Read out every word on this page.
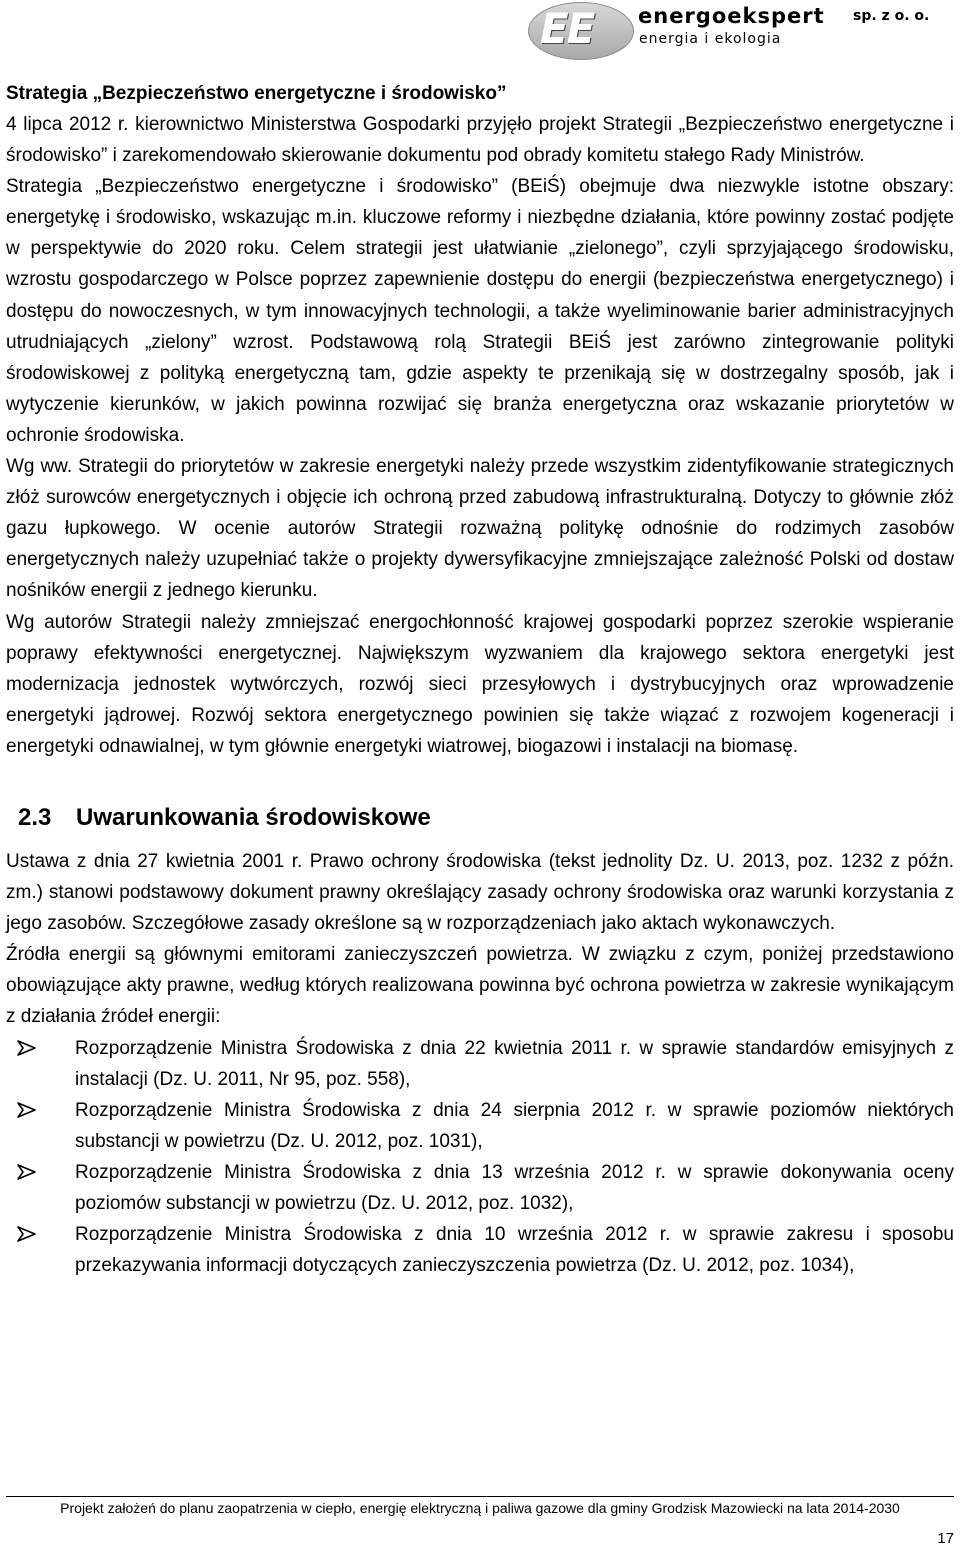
EE energoekspert sp. z o. o.
energia i ekologia

Strategia „Bezpieczeństwo energetyczne i środowisko”

4 lipca 2012 r. kierownictwo Ministerstwa Gospodarki przyjęło projekt Strategii „Bezpieczeństwo energetyczne i środowisko” i zarekomendowało skierowanie dokumentu pod obrady komitetu stałego Rady Ministrów.

Strategia „Bezpieczeństwo energetyczne i środowisko” (BEiŚ) obejmuje dwa niezwykle istotne obszary: energetykę i środowisko, wskazując m.in. kluczowe reformy i niezbędne działania, które powinny zostać podjęte w perspektywie do 2020 roku. Celem strategii jest ułatwianie „zielonego”, czyli sprzyjającego środowisku, wzrostu gospodarczego w Polsce poprzez zapewnienie dostępu do energii (bezpieczeństwa energetycznego) i dostępu do nowoczesnych, w tym innowacyjnych technologii, a także wyeliminowanie barier administracyjnych utrudniających „zielony” wzrost. Podstawową rolą Strategii BEiŚ jest zarówno zintegrowanie polityki środowiskowej z polityką energetyczną tam, gdzie aspekty te przenikają się w dostrzegalny sposób, jak i wytyczenie kierunków, w jakich powinna rozwijać się branża energetyczna oraz wskazanie priorytetów w ochronie środowiska.

Wg ww. Strategii do priorytetów w zakresie energetyki należy przede wszystkim zidentyfikowanie strategicznych złóż surowców energetycznych i objęcie ich ochroną przed zabudową infrastrukturalną. Dotyczy to głównie złóż gazu łupkowego. W ocenie autorów Strategii rozważną politykę odnośnie do rodzimych zasobów energetycznych należy uzupełniać także o projekty dywersyfikacyjne zmniejszające zależność Polski od dostaw nośników energii z jednego kierunku.

Wg autorów Strategii należy zmniejszać energochłonność krajowej gospodarki poprzez szerokie wspieranie poprawy efektywności energetycznej. Największym wyzwaniem dla krajowego sektora energetyki jest modernizacja jednostek wytwórczych, rozwój sieci przesyłowych i dystrybucyjnych oraz wprowadzenie energetyki jądrowej. Rozwój sektora energetycznego powinien się także wiązać z rozwojem kogeneracji i energetyki odnawialnej, w tym głównie energetyki wiatrowej, biogazowi i instalacji na biomasę.

2.3 Uwarunkowania środowiskowe

Ustawa z dnia 27 kwietnia 2001 r. Prawo ochrony środowiska (tekst jednolity Dz. U. 2013, poz. 1232 z późn. zm.) stanowi podstawowy dokument prawny określający zasady ochrony środowiska oraz warunki korzystania z jego zasobów. Szczegółowe zasady określone są w rozporządzeniach jako aktach wykonawczych.

Źródła energii są głównymi emitorami zanieczyszczeń powietrza. W związku z czym, poniżej przedstawiono obowiązujące akty prawne, według których realizowana powinna być ochrona powietrza w zakresie wynikającym z działania źródeł energii:

Rozporządzenie Ministra Środowiska z dnia 22 kwietnia 2011 r. w sprawie standardów emisyjnych z instalacji (Dz. U. 2011, Nr 95, poz. 558),
Rozporządzenie Ministra Środowiska z dnia 24 sierpnia 2012 r. w sprawie poziomów niektórych substancji w powietrzu (Dz. U. 2012, poz. 1031),
Rozporządzenie Ministra Środowiska z dnia 13 września 2012 r. w sprawie dokonywania oceny poziomów substancji w powietrzu (Dz. U. 2012, poz. 1032),
Rozporządzenie Ministra Środowiska z dnia 10 września 2012 r. w sprawie zakresu i sposobu przekazywania informacji dotyczących zanieczyszczenia powietrza (Dz. U. 2012, poz. 1034),
Projekt założeń do planu zaopatrzenia w ciepło, energię elektryczną i paliwa gazowe dla gminy Grodzisk Mazowiecki na lata 2014-2030
17
